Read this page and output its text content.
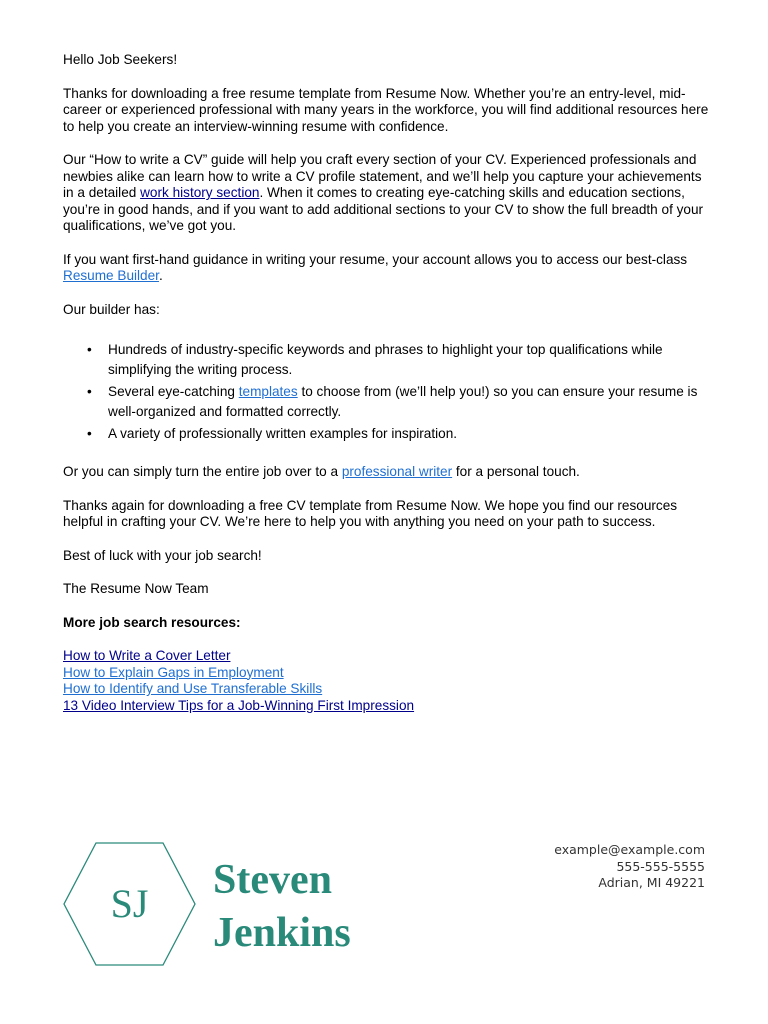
Hello Job Seekers!

Thanks for downloading a free resume template from Resume Now. Whether you’re an entry-level, mid-career or experienced professional with many years in the workforce, you will find additional resources here to help you create an interview-winning resume with confidence.

Our “How to write a CV” guide will help you craft every section of your CV. Experienced professionals and newbies alike can learn how to write a CV profile statement, and we’ll help you capture your achievements in a detailed work history section. When it comes to creating eye-catching skills and education sections, you’re in good hands, and if you want to add additional sections to your CV to show the full breadth of your qualifications, we’ve got you.

If you want first-hand guidance in writing your resume, your account allows you to access our best-class Resume Builder.

Our builder has:

• Hundreds of industry-specific keywords and phrases to highlight your top qualifications while simplifying the writing process.
• Several eye-catching templates to choose from (we’ll help you!) so you can ensure your resume is well-organized and formatted correctly.
• A variety of professionally written examples for inspiration.

Or you can simply turn the entire job over to a professional writer for a personal touch.

Thanks again for downloading a free CV template from Resume Now. We hope you find our resources helpful in crafting your CV. We’re here to help you with anything you need on your path to success.

Best of luck with your job search!

The Resume Now Team

More job search resources:

How to Write a Cover Letter
How to Explain Gaps in Employment
How to Identify and Use Transferable Skills
13 Video Interview Tips for a Job-Winning First Impression
SJ
Steven
Jenkins
example@example.com
555-555-5555
Adrian, MI 49221
